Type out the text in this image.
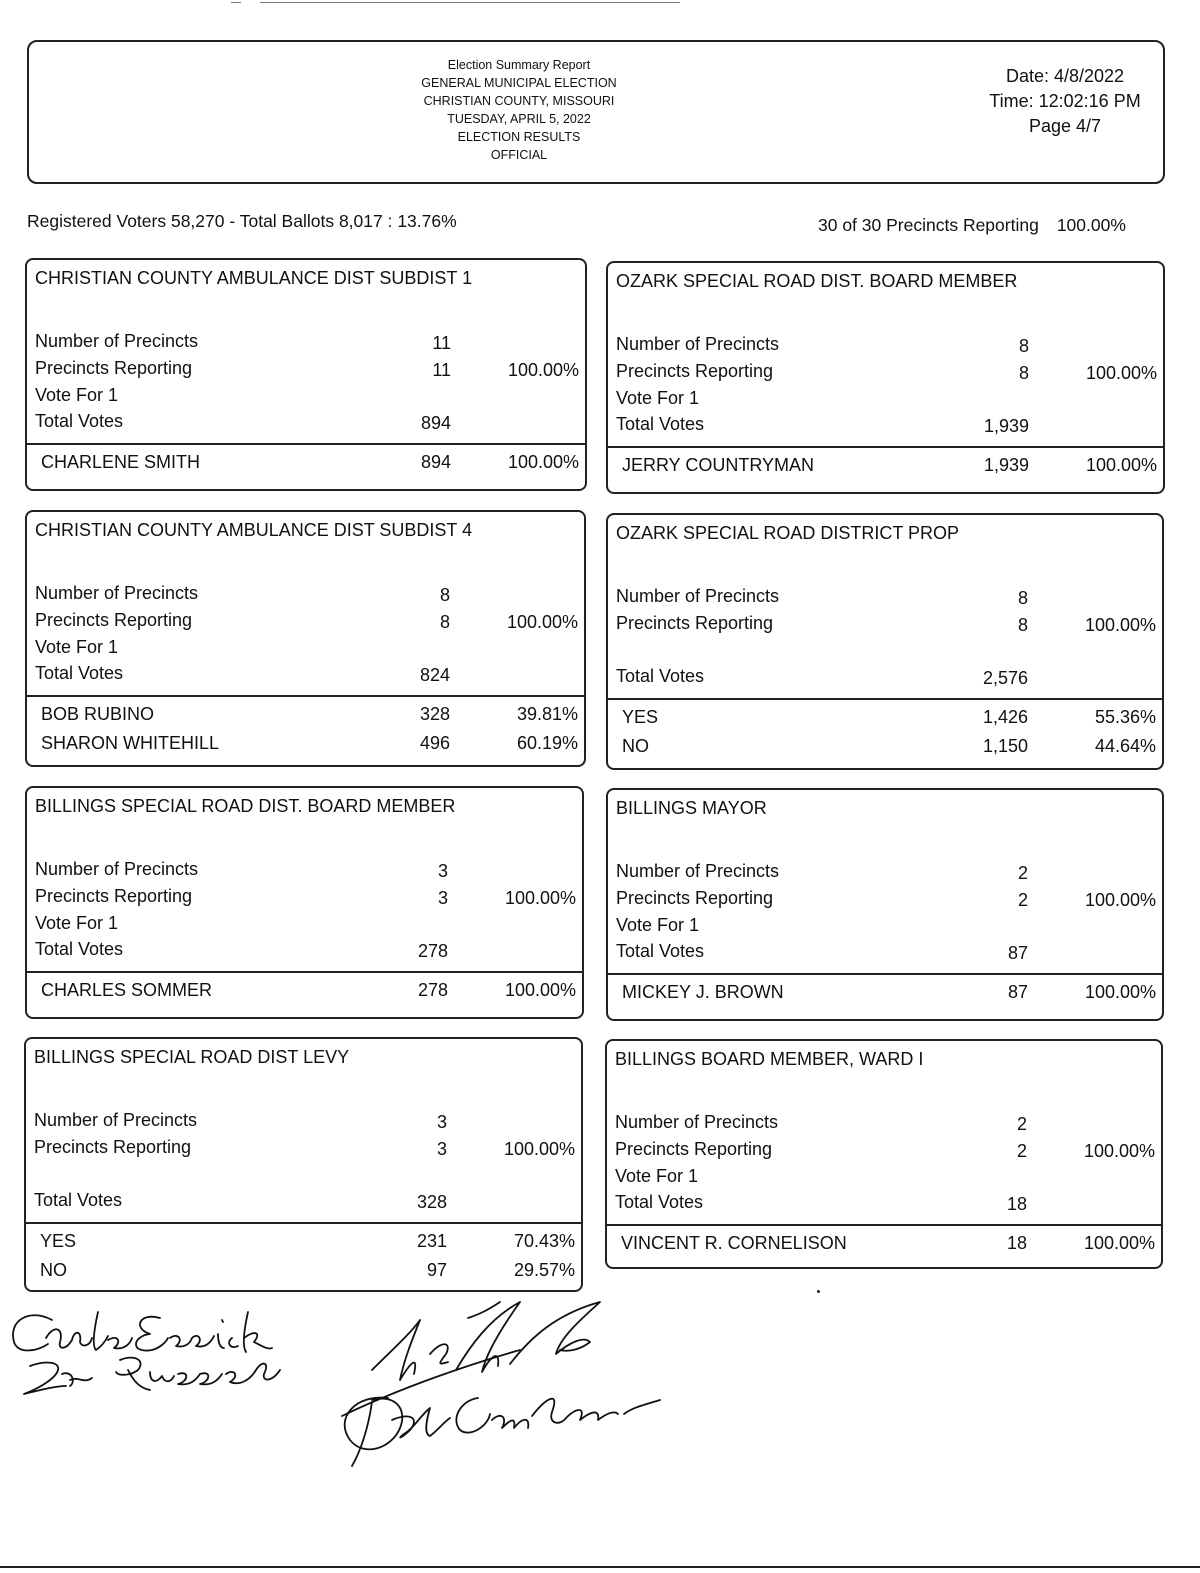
Election Summary Report
GENERAL MUNICIPAL ELECTION
CHRISTIAN COUNTY, MISSOURI
TUESDAY, APRIL 5, 2022
ELECTION RESULTS
OFFICIAL
Date: 4/8/2022
Time: 12:02:16 PM
Page 4/7
Registered Voters 58,270 - Total Ballots 8,017 : 13.76%	30 of 30 Precincts Reporting 100.00%
CHRISTIAN COUNTY AMBULANCE DIST SUBDIST 1
Number of Precincts	11
Precincts Reporting	11	100.00%
Vote For 1
Total Votes	894
CHARLENE SMITH	894	100.00%
OZARK SPECIAL ROAD DIST. BOARD MEMBER
Number of Precincts	8
Precincts Reporting	8	100.00%
Vote For 1
Total Votes	1,939
JERRY COUNTRYMAN	1,939	100.00%
CHRISTIAN COUNTY AMBULANCE DIST SUBDIST 4
Number of Precincts	8
Precincts Reporting	8	100.00%
Vote For 1
Total Votes	824
BOB RUBINO	328	39.81%
SHARON WHITEHILL	496	60.19%
OZARK SPECIAL ROAD DISTRICT PROP
Number of Precincts	8
Precincts Reporting	8	100.00%
Total Votes	2,576
YES	1,426	55.36%
NO	1,150	44.64%
BILLINGS SPECIAL ROAD DIST. BOARD MEMBER
Number of Precincts	3
Precincts Reporting	3	100.00%
Vote For 1
Total Votes	278
CHARLES SOMMER	278	100.00%
BILLINGS MAYOR
Number of Precincts	2
Precincts Reporting	2	100.00%
Vote For 1
Total Votes	87
MICKEY J. BROWN	87	100.00%
BILLINGS SPECIAL ROAD DIST LEVY
Number of Precincts	3
Precincts Reporting	3	100.00%
Total Votes	328
YES	231	70.43%
NO	97	29.57%
BILLINGS BOARD MEMBER, WARD I
Number of Precincts	2
Precincts Reporting	2	100.00%
Vote For 1
Total Votes	18
VINCENT R. CORNELISON	18	100.00%
